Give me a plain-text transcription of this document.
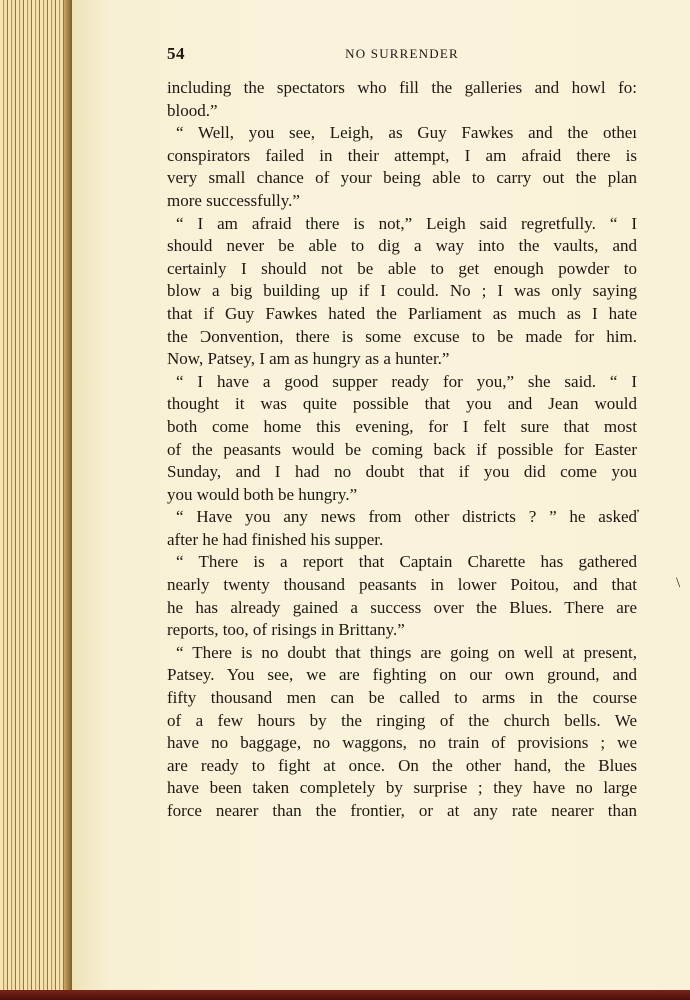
54	NO SURRENDER
including the spectators who fill the galleries and howl fo:
blood.”
“ Well, you see, Leigh, as Guy Fawkes and the otheı
conspirators failed in their attempt, I am afraid there is
very small chance of your being able to carry out the plan
more successfully.”
“ I am afraid there is not,” Leigh said regretfully. “ I
should never be able to dig a way into the vaults, and
certainly I should not be able to get enough powder to
blow a big building up if I could. No ; I was only saying
that if Guy Fawkes hated the Parliament as much as I hate
the Ɔonvention, there is some excuse to be made for him.
Now, Patsey, I am as hungry as a hunter.”
“ I have a good supper ready for you,” she said. “ I
thought it was quite possible that you and Jean would
both come home this evening, for I felt sure that most
of the peasants would be coming back if possible for Easter
Sunday, and I had no doubt that if you did come you
you would both be hungry.”
“ Have you any news from other districts ? ” he asked̕
after he had finished his supper.
“ There is a report that Captain Charette has gathered
nearly twenty thousand peasants in lower Poitou, and that
he has already gained a success over the Blues. There are
reports, too, of risings in Brittany.”
“ There is no doubt that things are going on well at present,
Patsey. You see, we are fighting on our own ground, and
fifty thousand men can be called to arms in the course
of a few hours by the ringing of the church bells. We
have no baggage, no waggons, no train of provisions ; we
are ready to fight at once. On the other hand, the Blues
have been taken completely by surprise ; they have no large
force nearer than the frontier, or at any rate nearer than
\
